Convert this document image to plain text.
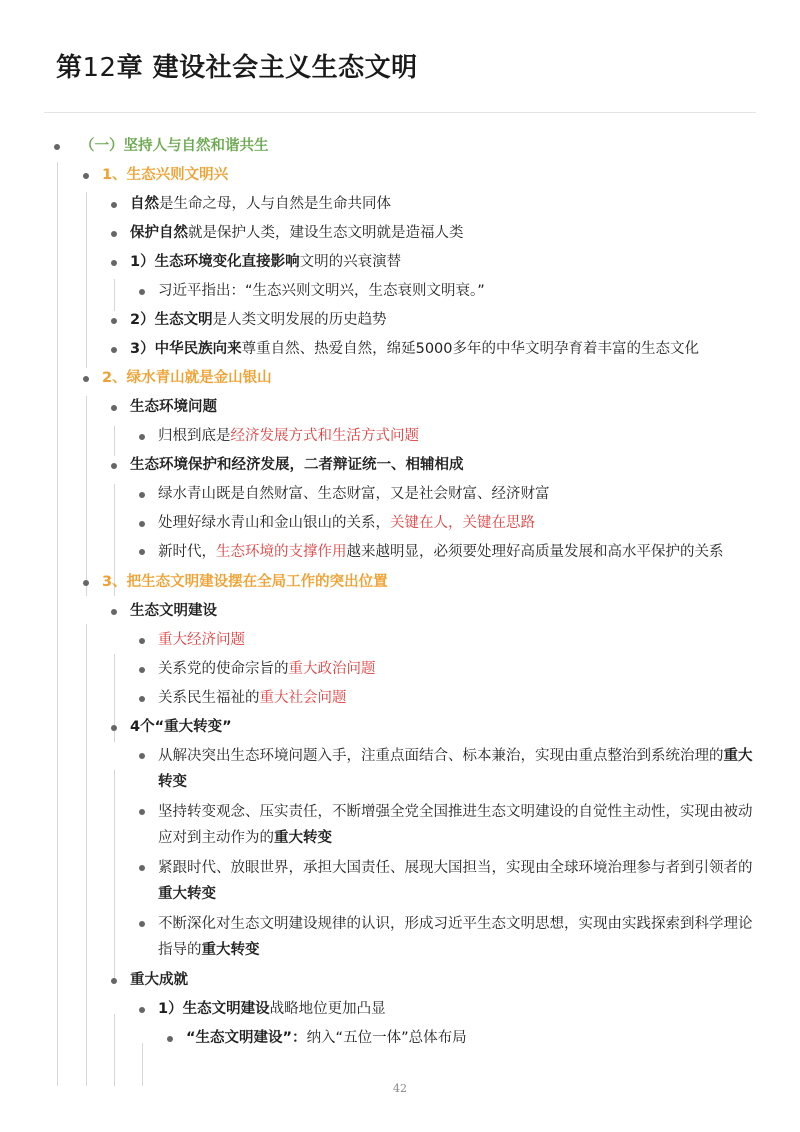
第12章 建设社会主义生态文明
（一）坚持人与自然和谐共生
1、生态兴则文明兴
自然是生命之母，人与自然是生命共同体
保护自然就是保护人类，建设生态文明就是造福人类
1）生态环境变化直接影响文明的兴衰演替
习近平指出：“生态兴则文明兴，生态衰则文明衰。”
2）生态文明是人类文明发展的历史趋势
3）中华民族向来尊重自然、热爱自然，绵延5000多年的中华文明孕育着丰富的生态文化
2、绿水青山就是金山银山
生态环境问题
归根到底是经济发展方式和生活方式问题
生态环境保护和经济发展，二者辩证统一、相辅相成
绿水青山既是自然财富、生态财富，又是社会财富、经济财富
处理好绿水青山和金山银山的关系，关键在人，关键在思路
新时代，生态环境的支撑作用越来越明显，必须要处理好高质量发展和高水平保护的关系
3、把生态文明建设摆在全局工作的突出位置
生态文明建设
重大经济问题
关系党的使命宗旨的重大政治问题
关系民生福祉的重大社会问题
4个“重大转变”
从解决突出生态环境问题入手，注重点面结合、标本兼治，实现由重点整治到系统治理的重大转变
坚持转变观念、压实责任，不断增强全党全国推进生态文明建设的自觉性主动性，实现由被动应对到主动作为的重大转变
紧跟时代、放眼世界，承担大国责任、展现大国担当，实现由全球环境治理参与者到引领者的重大转变
不断深化对生态文明建设规律的认识，形成习近平生态文明思想，实现由实践探索到科学理论指导的重大转变
重大成就
1）生态文明建设战略地位更加凸显
“生态文明建设”：纳入“五位一体”总体布局
42
